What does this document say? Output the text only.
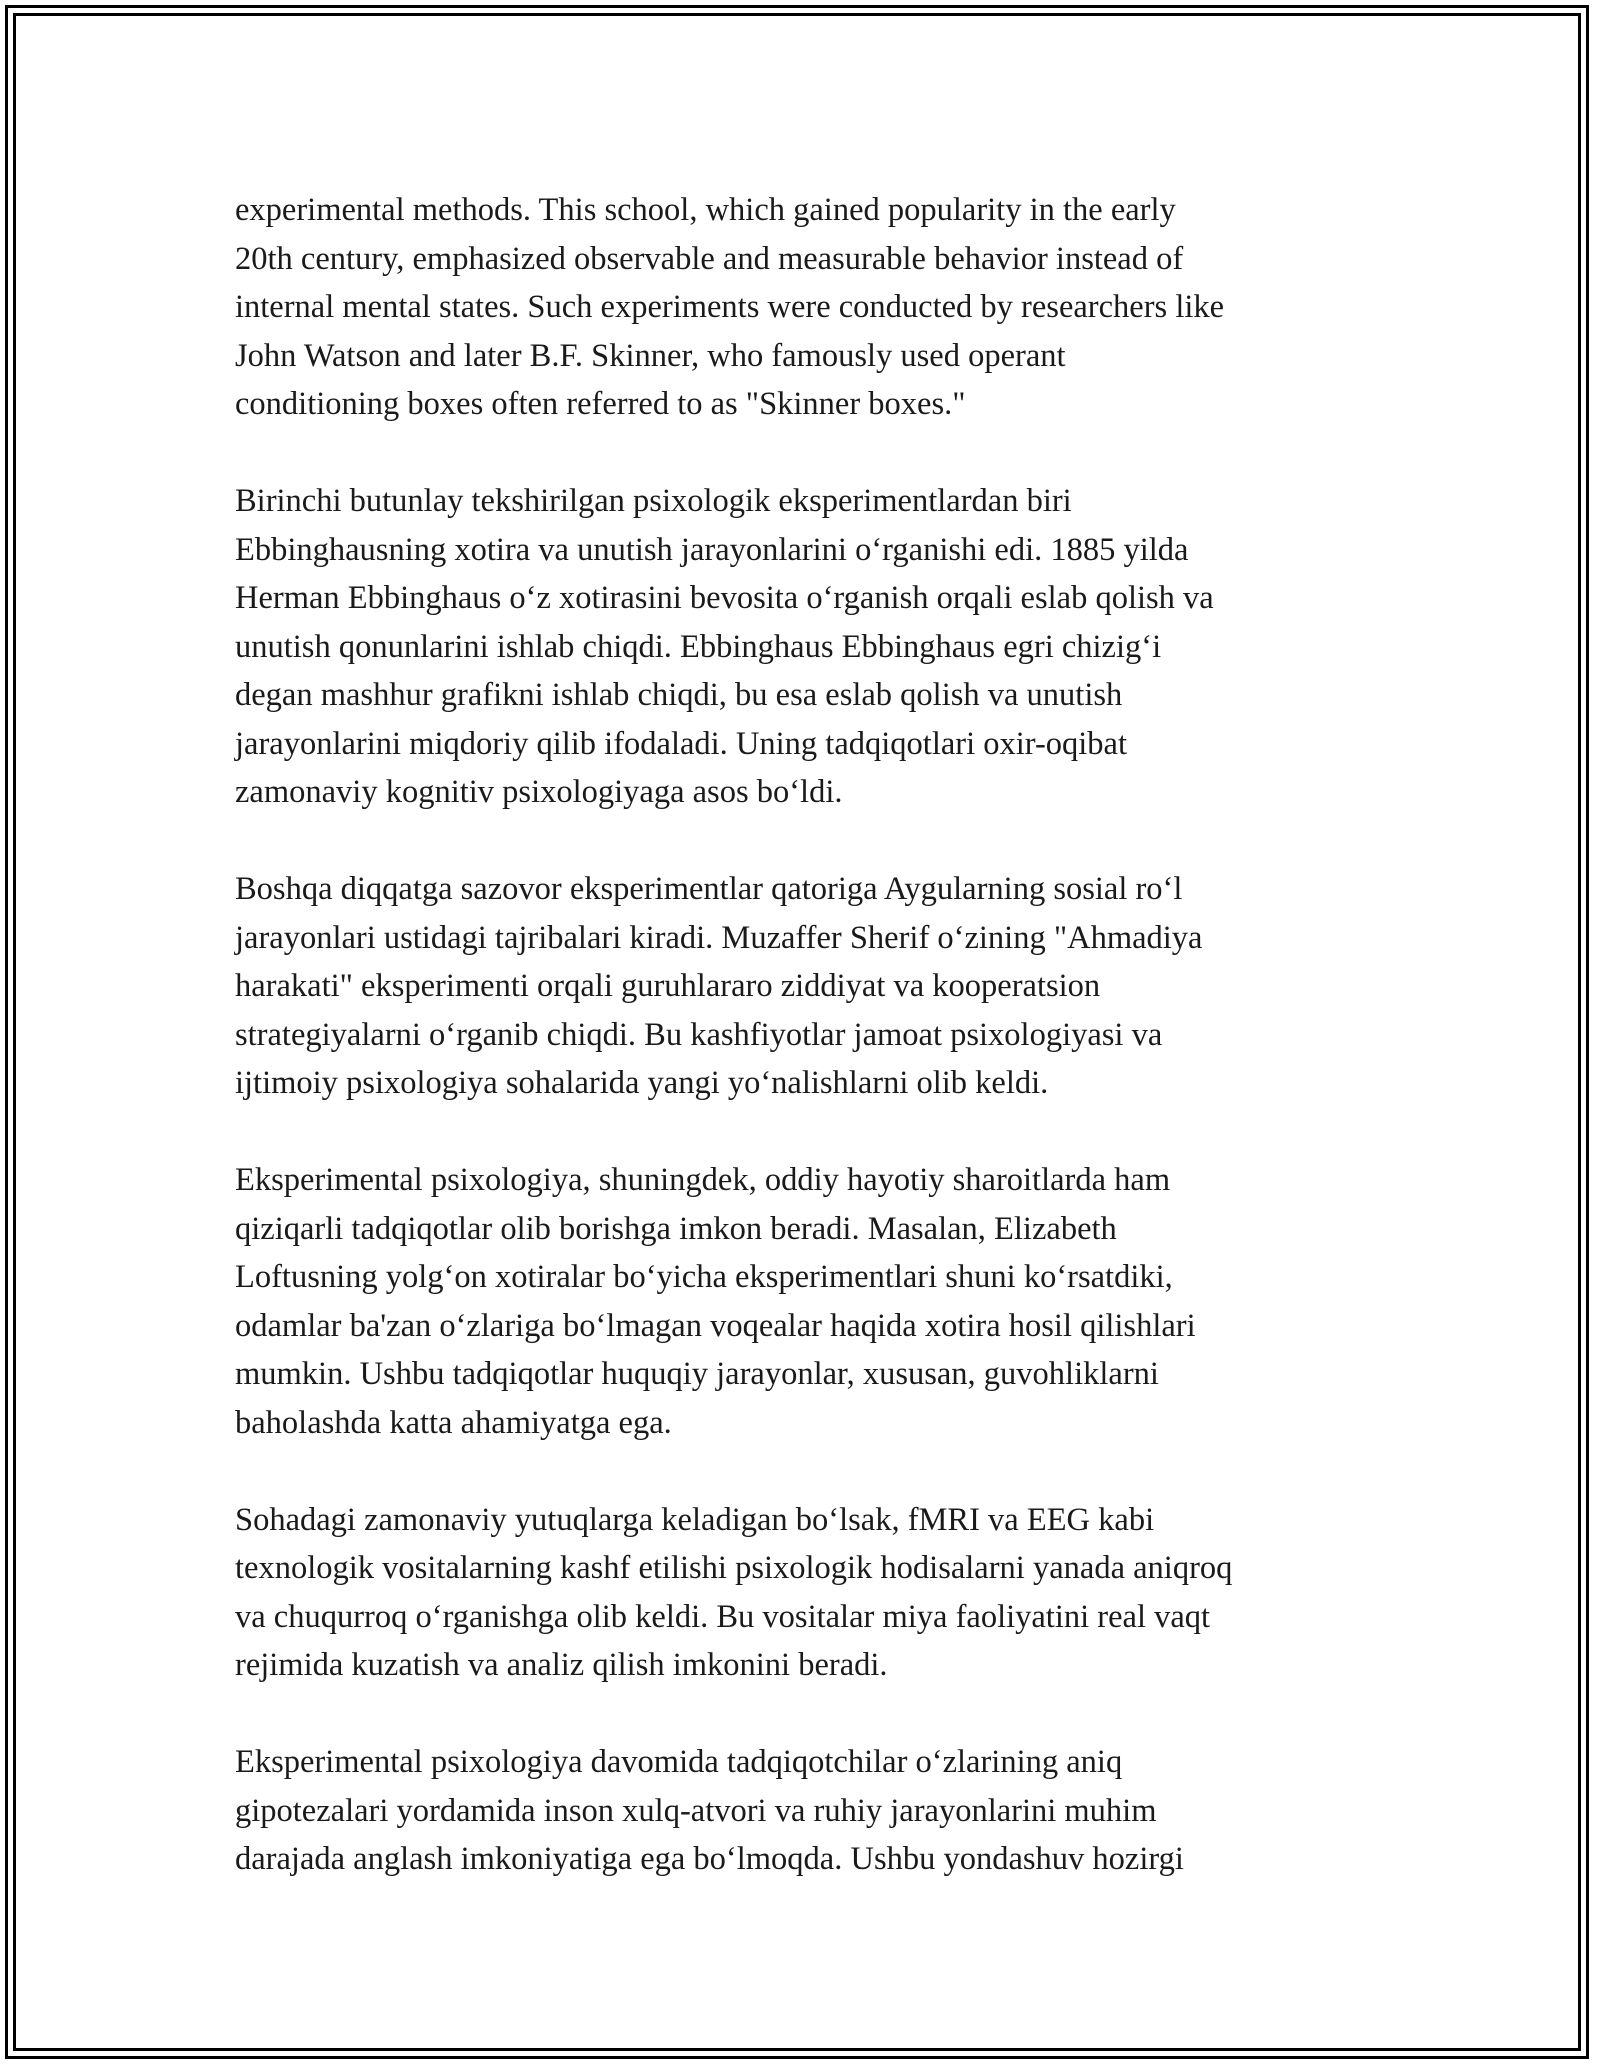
experimental methods. This school, which gained popularity in the early
20th century, emphasized observable and measurable behavior instead of
internal mental states. Such experiments were conducted by researchers like
John Watson and later B.F. Skinner, who famously used operant
conditioning boxes often referred to as "Skinner boxes."

Birinchi butunlay tekshirilgan psixologik eksperimentlardan biri
Ebbinghausning xotira va unutish jarayonlarini o‘rganishi edi. 1885 yilda
Herman Ebbinghaus o‘z xotirasini bevosita o‘rganish orqali eslab qolish va
unutish qonunlarini ishlab chiqdi. Ebbinghaus Ebbinghaus egri chizig‘i
degan mashhur grafikni ishlab chiqdi, bu esa eslab qolish va unutish
jarayonlarini miqdoriy qilib ifodaladi. Uning tadqiqotlari oxir-oqibat
zamonaviy kognitiv psixologiyaga asos bo‘ldi.

Boshqa diqqatga sazovor eksperimentlar qatoriga Aygularning sosial ro‘l
jarayonlari ustidagi tajribalari kiradi. Muzaffer Sherif o‘zining "Ahmadiya
harakati" eksperimenti orqali guruhlararo ziddiyat va kooperatsion
strategiyalarni o‘rganib chiqdi. Bu kashfiyotlar jamoat psixologiyasi va
ijtimoiy psixologiya sohalarida yangi yo‘nalishlarni olib keldi.

Eksperimental psixologiya, shuningdek, oddiy hayotiy sharoitlarda ham
qiziqarli tadqiqotlar olib borishga imkon beradi. Masalan, Elizabeth
Loftusning yolg‘on xotiralar bo‘yicha eksperimentlari shuni ko‘rsatdiki,
odamlar ba'zan o‘zlariga bo‘lmagan voqealar haqida xotira hosil qilishlari
mumkin. Ushbu tadqiqotlar huquqiy jarayonlar, xususan, guvohliklarni
baholashda katta ahamiyatga ega.

Sohadagi zamonaviy yutuqlarga keladigan bo‘lsak, fMRI va EEG kabi
texnologik vositalarning kashf etilishi psixologik hodisalarni yanada aniqroq
va chuqurroq o‘rganishga olib keldi. Bu vositalar miya faoliyatini real vaqt
rejimida kuzatish va analiz qilish imkonini beradi.

Eksperimental psixologiya davomida tadqiqotchilar o‘zlarining aniq
gipotezalari yordamida inson xulq-atvori va ruhiy jarayonlarini muhim
darajada anglash imkoniyatiga ega bo‘lmoqda. Ushbu yondashuv hozirgi
